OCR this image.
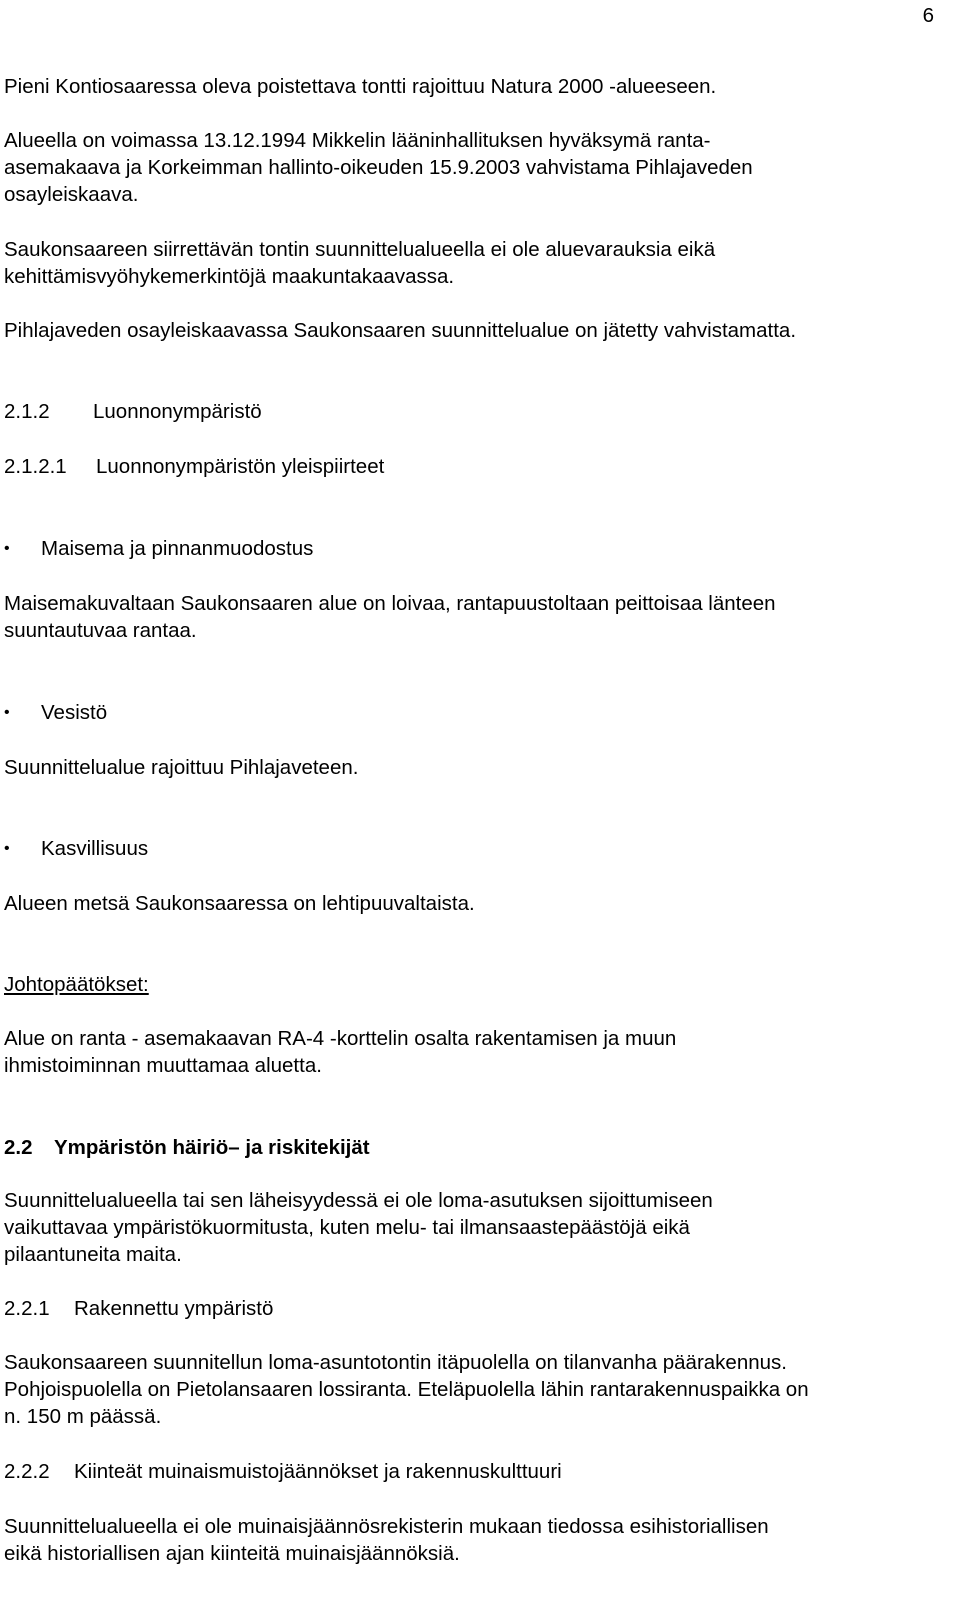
6
Pieni Kontiosaaressa oleva poistettava tontti rajoittuu Natura 2000 -alueeseen.
Alueella on voimassa 13.12.1994 Mikkelin lääninhallituksen hyväksymä ranta-
asemakaava ja Korkeimman hallinto-oikeuden 15.9.2003 vahvistama Pihlajaveden
osayleiskaava.
Saukonsaareen siirrettävän tontin suunnittelualueella ei ole aluevarauksia eikä
kehittämisvyöhykemerkintöjä maakuntakaavassa.
Pihlajaveden osayleiskaavassa Saukonsaaren suunnittelualue on jätetty vahvistamatta.
2.1.2 Luonnonympäristö
2.1.2.1 Luonnonympäristön yleispiirteet
•	Maisema ja pinnanmuodostus
Maisemakuvaltaan Saukonsaaren alue on loivaa, rantapuustoltaan peittoisaa länteen
suuntautuvaa rantaa.
•	Vesistö
Suunnittelualue rajoittuu Pihlajaveteen.
•	Kasvillisuus
Alueen metsä Saukonsaaressa on lehtipuuvaltaista.
Johtopäätökset:
Alue on ranta - asemakaavan RA-4 -korttelin osalta rakentamisen ja muun
ihmistoiminnan muuttamaa aluetta.
2.2 Ympäristön häiriö– ja riskitekijät
Suunnittelualueella tai sen läheisyydessä ei ole loma-asutuksen sijoittumiseen
vaikuttavaa ympäristökuormitusta, kuten melu- tai ilmansaastepäästöjä eikä
pilaantuneita maita.
2.2.1 Rakennettu ympäristö
Saukonsaareen suunnitellun loma-asuntotontin itäpuolella on tilanvanha päärakennus.
Pohjoispuolella on Pietolansaaren lossiranta. Eteläpuolella lähin rantarakennuspaikka on
n. 150 m päässä.
2.2.2 Kiinteät muinaismuistojäännökset ja rakennuskulttuuri
Suunnittelualueella ei ole muinaisjäännösrekisterin mukaan tiedossa esihistoriallisen
eikä historiallisen ajan kiinteitä muinaisjäännöksiä.
